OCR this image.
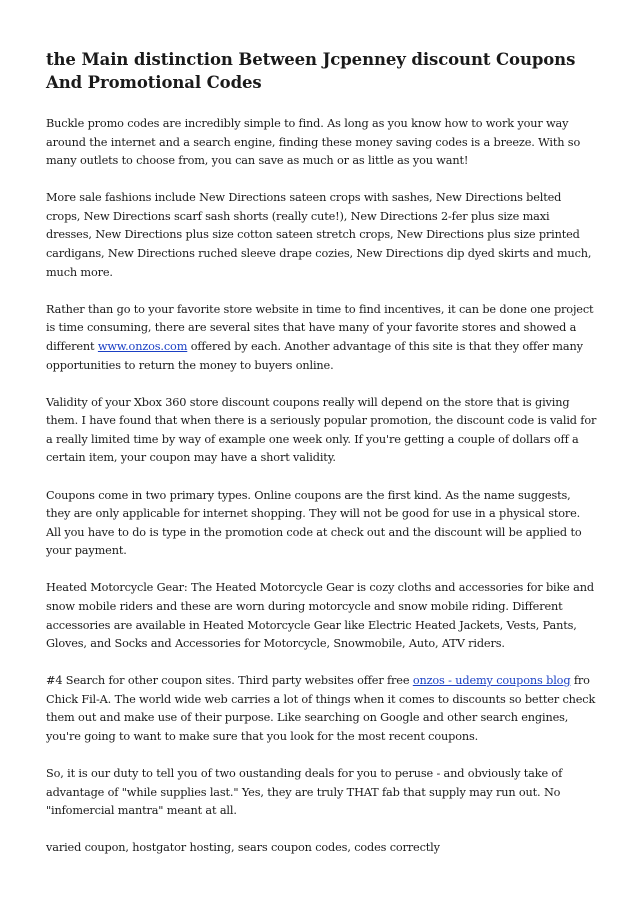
the Main distinction Between Jcpenney discount Coupons And Promotional Codes

Buckle promo codes are incredibly simple to find. As long as you know how to work your way around the internet and a search engine, finding these money saving codes is a breeze. With so many outlets to choose from, you can save as much or as little as you want!

More sale fashions include New Directions sateen crops with sashes, New Directions belted crops, New Directions scarf sash shorts (really cute!), New Directions 2-fer plus size maxi dresses, New Directions plus size cotton sateen stretch crops, New Directions plus size printed cardigans, New Directions ruched sleeve drape cozies, New Directions dip dyed skirts and much, much more.

Rather than go to your favorite store website in time to find incentives, it can be done one project is time consuming, there are several sites that have many of your favorite stores and showed a different www.onzos.com offered by each. Another advantage of this site is that they offer many opportunities to return the money to buyers online.

Validity of your Xbox 360 store discount coupons really will depend on the store that is giving them. I have found that when there is a seriously popular promotion, the discount code is valid for a really limited time by way of example one week only. If you're getting a couple of dollars off a certain item, your coupon may have a short validity.

Coupons come in two primary types. Online coupons are the first kind. As the name suggests, they are only applicable for internet shopping. They will not be good for use in a physical store. All you have to do is type in the promotion code at check out and the discount will be applied to your payment.

Heated Motorcycle Gear: The Heated Motorcycle Gear is cozy cloths and accessories for bike and snow mobile riders and these are worn during motorcycle and snow mobile riding. Different accessories are available in Heated Motorcycle Gear like Electric Heated Jackets, Vests, Pants, Gloves, and Socks and Accessories for Motorcycle, Snowmobile, Auto, ATV riders.

#4 Search for other coupon sites. Third party websites offer free onzos - udemy coupons blog fro Chick Fil-A. The world wide web carries a lot of things when it comes to discounts so better check them out and make use of their purpose. Like searching on Google and other search engines, you're going to want to make sure that you look for the most recent coupons.

So, it is our duty to tell you of two oustanding deals for you to peruse - and obviously take of advantage of "while supplies last." Yes, they are truly THAT fab that supply may run out. No "infomercial mantra" meant at all.

varied coupon, hostgator hosting, sears coupon codes, codes correctly
